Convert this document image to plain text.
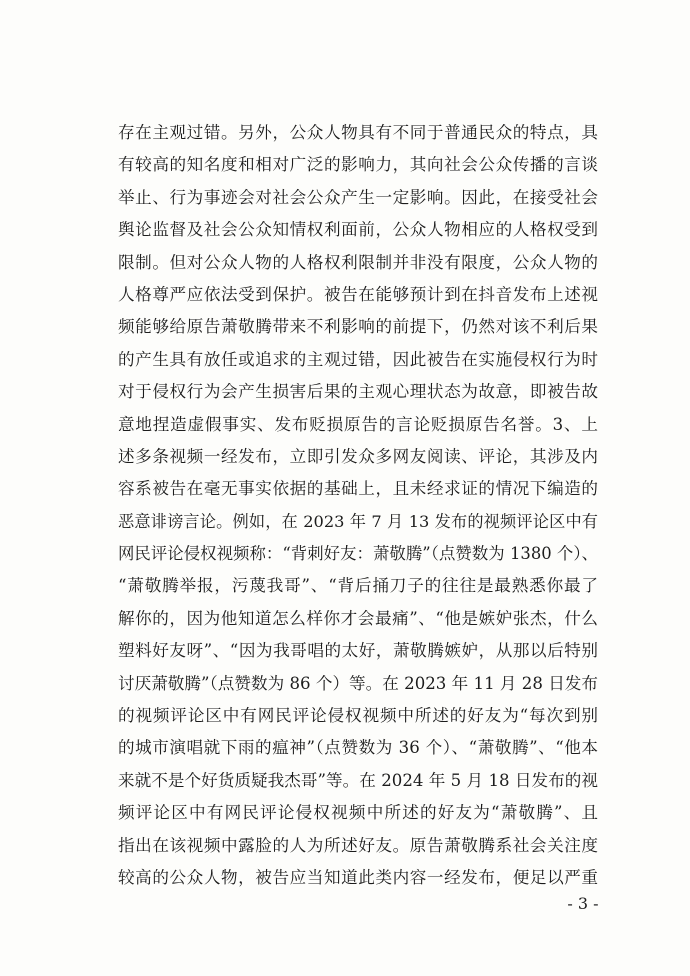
存在主观过错。另外，公众人物具有不同于普通民众的特点，具
有较高的知名度和相对广泛的影响力，其向社会公众传播的言谈
举止、行为事迹会对社会公众产生一定影响。因此，在接受社会
舆论监督及社会公众知情权利面前，公众人物相应的人格权受到
限制。但对公众人物的人格权利限制并非没有限度，公众人物的
人格尊严应依法受到保护。被告在能够预计到在抖音发布上述视
频能够给原告萧敬腾带来不利影响的前提下，仍然对该不利后果
的产生具有放任或追求的主观过错，因此被告在实施侵权行为时
对于侵权行为会产生损害后果的主观心理状态为故意，即被告故
意地捏造虚假事实、发布贬损原告的言论贬损原告名誉。3、上
述多条视频一经发布，立即引发众多网友阅读、评论，其涉及内
容系被告在毫无事实依据的基础上，且未经求证的情况下编造的
恶意诽谤言论。例如，在 2023 年 7 月 13 发布的视频评论区中有
网民评论侵权视频称：“背刺好友：萧敬腾”（点赞数为 1380 个）、
“萧敬腾举报，污蔑我哥”、“背后捅刀子的往往是最熟悉你最了
解你的，因为他知道怎么样你才会最痛”、“他是嫉妒张杰，什么
塑料好友呀”、“因为我哥唱的太好，萧敬腾嫉妒，从那以后特别
讨厌萧敬腾”（点赞数为 86 个）等。在 2023 年 11 月 28 日发布
的视频评论区中有网民评论侵权视频中所述的好友为“每次到别
的城市演唱就下雨的瘟神”（点赞数为 36 个）、“萧敬腾”、“他本
来就不是个好货质疑我杰哥”等。在 2024 年 5 月 18 日发布的视
频评论区中有网民评论侵权视频中所述的好友为“萧敬腾”、且
指出在该视频中露脸的人为所述好友。原告萧敬腾系社会关注度
较高的公众人物，被告应当知道此类内容一经发布，便足以严重
- 3 -
